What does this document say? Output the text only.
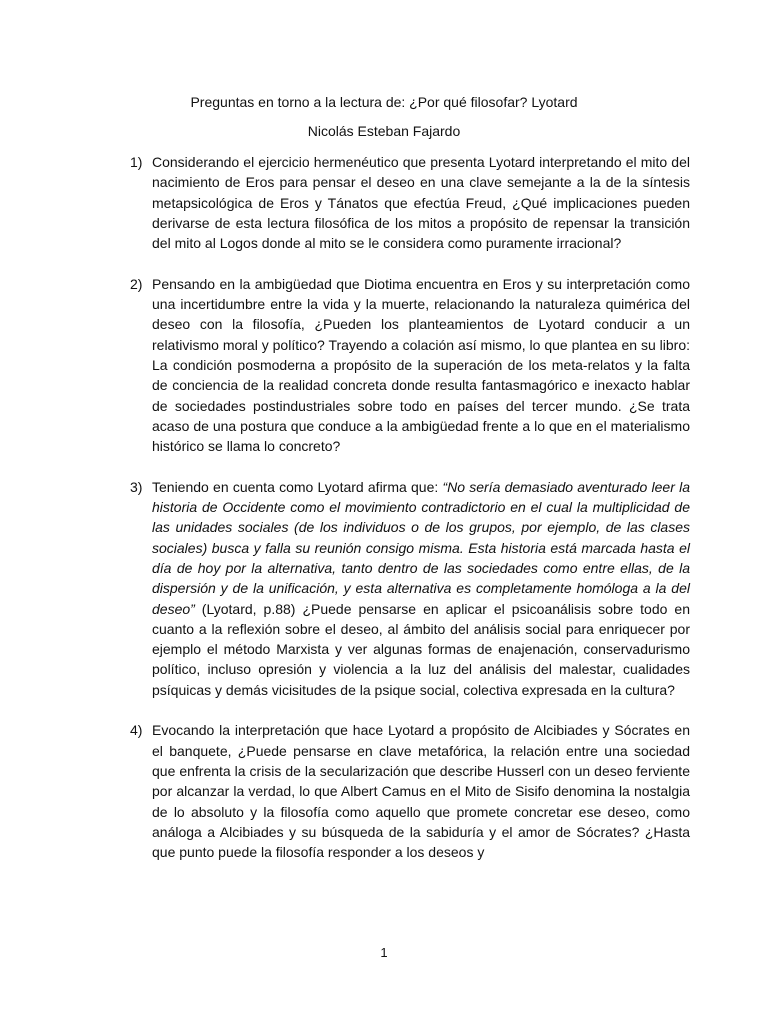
Preguntas en torno a la lectura de: ¿Por qué filosofar? Lyotard
Nicolás Esteban Fajardo
1) Considerando el ejercicio hermenéutico que presenta Lyotard interpretando el mito del nacimiento de Eros para pensar el deseo en una clave semejante a la de la síntesis metapsicológica de Eros y Tánatos que efectúa Freud, ¿Qué implicaciones pueden derivarse de esta lectura filosófica de los mitos a propósito de repensar la transición del mito al Logos donde al mito se le considera como puramente irracional?
2) Pensando en la ambigüedad que Diotima encuentra en Eros y su interpretación como una incertidumbre entre la vida y la muerte, relacionando la naturaleza quimérica del deseo con la filosofía, ¿Pueden los planteamientos de Lyotard conducir a un relativismo moral y político? Trayendo a colación así mismo, lo que plantea en su libro: La condición posmoderna a propósito de la superación de los meta-relatos y la falta de conciencia de la realidad concreta donde resulta fantasmagórico e inexacto hablar de sociedades postindustriales sobre todo en países del tercer mundo. ¿Se trata acaso de una postura que conduce a la ambigüedad frente a lo que en el materialismo histórico se llama lo concreto?
3) Teniendo en cuenta como Lyotard afirma que: “No sería demasiado aventurado leer la historia de Occidente como el movimiento contradictorio en el cual la multiplicidad de las unidades sociales (de los individuos o de los grupos, por ejemplo, de las clases sociales) busca y falla su reunión consigo misma. Esta historia está marcada hasta el día de hoy por la alternativa, tanto dentro de las sociedades como entre ellas, de la dispersión y de la unificación, y esta alternativa es completamente homóloga a la del deseo” (Lyotard, p.88) ¿Puede pensarse en aplicar el psicoanálisis sobre todo en cuanto a la reflexión sobre el deseo, al ámbito del análisis social para enriquecer por ejemplo el método Marxista y ver algunas formas de enajenación, conservadurismo político, incluso opresión y violencia a la luz del análisis del malestar, cualidades psíquicas y demás vicisitudes de la psique social, colectiva expresada en la cultura?
4) Evocando la interpretación que hace Lyotard a propósito de Alcibiades y Sócrates en el banquete, ¿Puede pensarse en clave metafórica, la relación entre una sociedad que enfrenta la crisis de la secularización que describe Husserl con un deseo ferviente por alcanzar la verdad, lo que Albert Camus en el Mito de Sisifo denomina la nostalgia de lo absoluto y la filosofía como aquello que promete concretar ese deseo, como análoga a Alcibiades y su búsqueda de la sabiduría y el amor de Sócrates? ¿Hasta que punto puede la filosofía responder a los deseos y
1
